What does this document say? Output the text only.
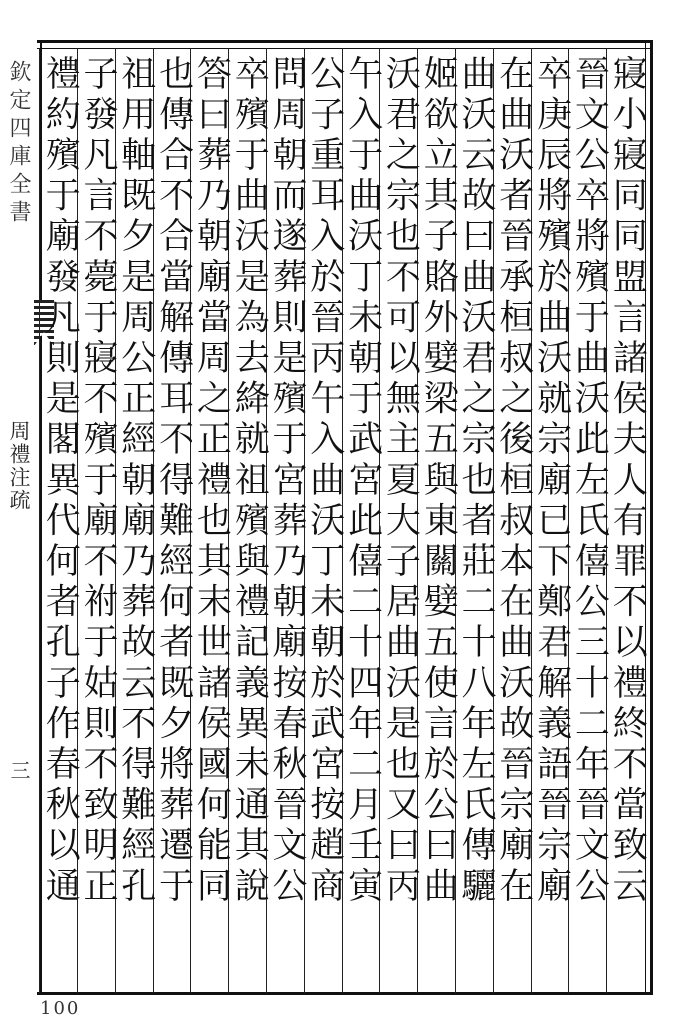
欽定四庫全書
周禮注疏
三	寢小寢同同盟言諸侯夫人有罪不以禮終不當致云
晉文公卒將殯于曲沃此左氏僖公三十二年晉文公
卒庚辰將殯於曲沃就宗廟已下鄭君解義語晉宗廟
在曲沃者晉承桓叔之後桓叔本在曲沃故晉宗廟在
曲沃云故曰曲沃君之宗也者莊二十八年左氏傳驪
姬欲立其子賂外嬖梁五與東關嬖五使言於公曰曲
沃君之宗也不可以無主夏大子居曲沃是也又曰丙
午入于曲沃丁未朝于武宮此僖二十四年二月壬寅
公子重耳入於晉丙午入曲沃丁未朝於武宮按趙商
問周朝而遂葬則是殯于宮葬乃朝廟按春秋晉文公
卒殯于曲沃是為去絳就祖殯與禮記義異未通其說
答曰葬乃朝廟當周之正禮也其末世諸侯國何能同
也傳合不合當解傳耳不得難經何者既夕將葬遷于
祖用軸既夕是周公正經朝廟乃葬故云不得難經孔
子發凡言不薨于寢不殯于廟不祔于姑則不致明正
禮約殯于廟發凡則是閣異代何者孔子作春秋以通
100
